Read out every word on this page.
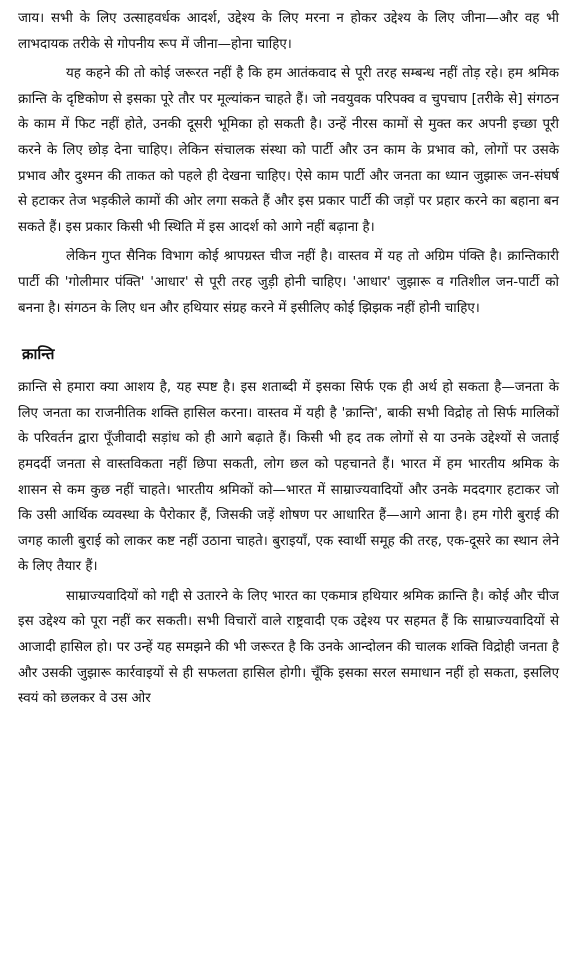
जाय। सभी के लिए उत्साहवर्धक आदर्श, उद्देश्य के लिए मरना न होकर उद्देश्य के लिए जीना—और वह भी लाभदायक तरीके से गोपनीय रूप में जीना—होना चाहिए।

यह कहने की तो कोई जरूरत नहीं है कि हम आतंकवाद से पूरी तरह सम्बन्ध नहीं तोड़ रहे। हम श्रमिक क्रान्ति के दृष्टिकोण से इसका पूरे तौर पर मूल्यांकन चाहते हैं। जो नवयुवक परिपक्व व चुपचाप [तरीके से] संगठन के काम में फिट नहीं होते, उनकी दूसरी भूमिका हो सकती है। उन्हें नीरस कामों से मुक्त कर अपनी इच्छा पूरी करने के लिए छोड़ देना चाहिए। लेकिन संचालक संस्था को पार्टी और उन काम के प्रभाव को, लोगों पर उसके प्रभाव और दुश्मन की ताकत को पहले ही देखना चाहिए। ऐसे काम पार्टी और जनता का ध्यान जुझारू जन-संघर्ष से हटाकर तेज भड़कीले कामों की ओर लगा सकते हैं और इस प्रकार पार्टी की जड़ों पर प्रहार करने का बहाना बन सकते हैं। इस प्रकार किसी भी स्थिति में इस आदर्श को आगे नहीं बढ़ाना है।

लेकिन गुप्त सैनिक विभाग कोई श्रापग्रस्त चीज नहीं है। वास्तव में यह तो अग्रिम पंक्ति है। क्रान्तिकारी पार्टी की 'गोलीमार पंक्ति' 'आधार' से पूरी तरह जुड़ी होनी चाहिए। 'आधार' जुझारू व गतिशील जन-पार्टी को बनना है। संगठन के लिए धन और हथियार संग्रह करने में इसीलिए कोई झिझक नहीं होनी चाहिए।

क्रान्ति

क्रान्ति से हमारा क्या आशय है, यह स्पष्ट है। इस शताब्दी में इसका सिर्फ एक ही अर्थ हो सकता है—जनता के लिए जनता का राजनीतिक शक्ति हासिल करना। वास्तव में यही है 'क्रान्ति', बाकी सभी विद्रोह तो सिर्फ मालिकों के परिवर्तन द्वारा पूँजीवादी सड़ांध को ही आगे बढ़ाते हैं। किसी भी हद तक लोगों से या उनके उद्देश्यों से जताई हमदर्दी जनता से वास्तविकता नहीं छिपा सकती, लोग छल को पहचानते हैं। भारत में हम भारतीय श्रमिक के शासन से कम कुछ नहीं चाहते। भारतीय श्रमिकों को—भारत में साम्राज्यवादियों और उनके मददगार हटाकर जो कि उसी आर्थिक व्यवस्था के पैरोकार हैं, जिसकी जड़ें शोषण पर आधारित हैं—आगे आना है। हम गोरी बुराई की जगह काली बुराई को लाकर कष्ट नहीं उठाना चाहते। बुराइयाँ, एक स्वार्थी समूह की तरह, एक-दूसरे का स्थान लेने के लिए तैयार हैं।

साम्राज्यवादियों को गद्दी से उतारने के लिए भारत का एकमात्र हथियार श्रमिक क्रान्ति है। कोई और चीज इस उद्देश्य को पूरा नहीं कर सकती। सभी विचारों वाले राष्ट्रवादी एक उद्देश्य पर सहमत हैं कि साम्राज्यवादियों से आजादी हासिल हो। पर उन्हें यह समझने की भी जरूरत है कि उनके आन्दोलन की चालक शक्ति विद्रोही जनता है और उसकी जुझारू कार्रवाइयों से ही सफलता हासिल होगी। चूँकि इसका सरल समाधान नहीं हो सकता, इसलिए स्वयं को छलकर वे उस ओर
